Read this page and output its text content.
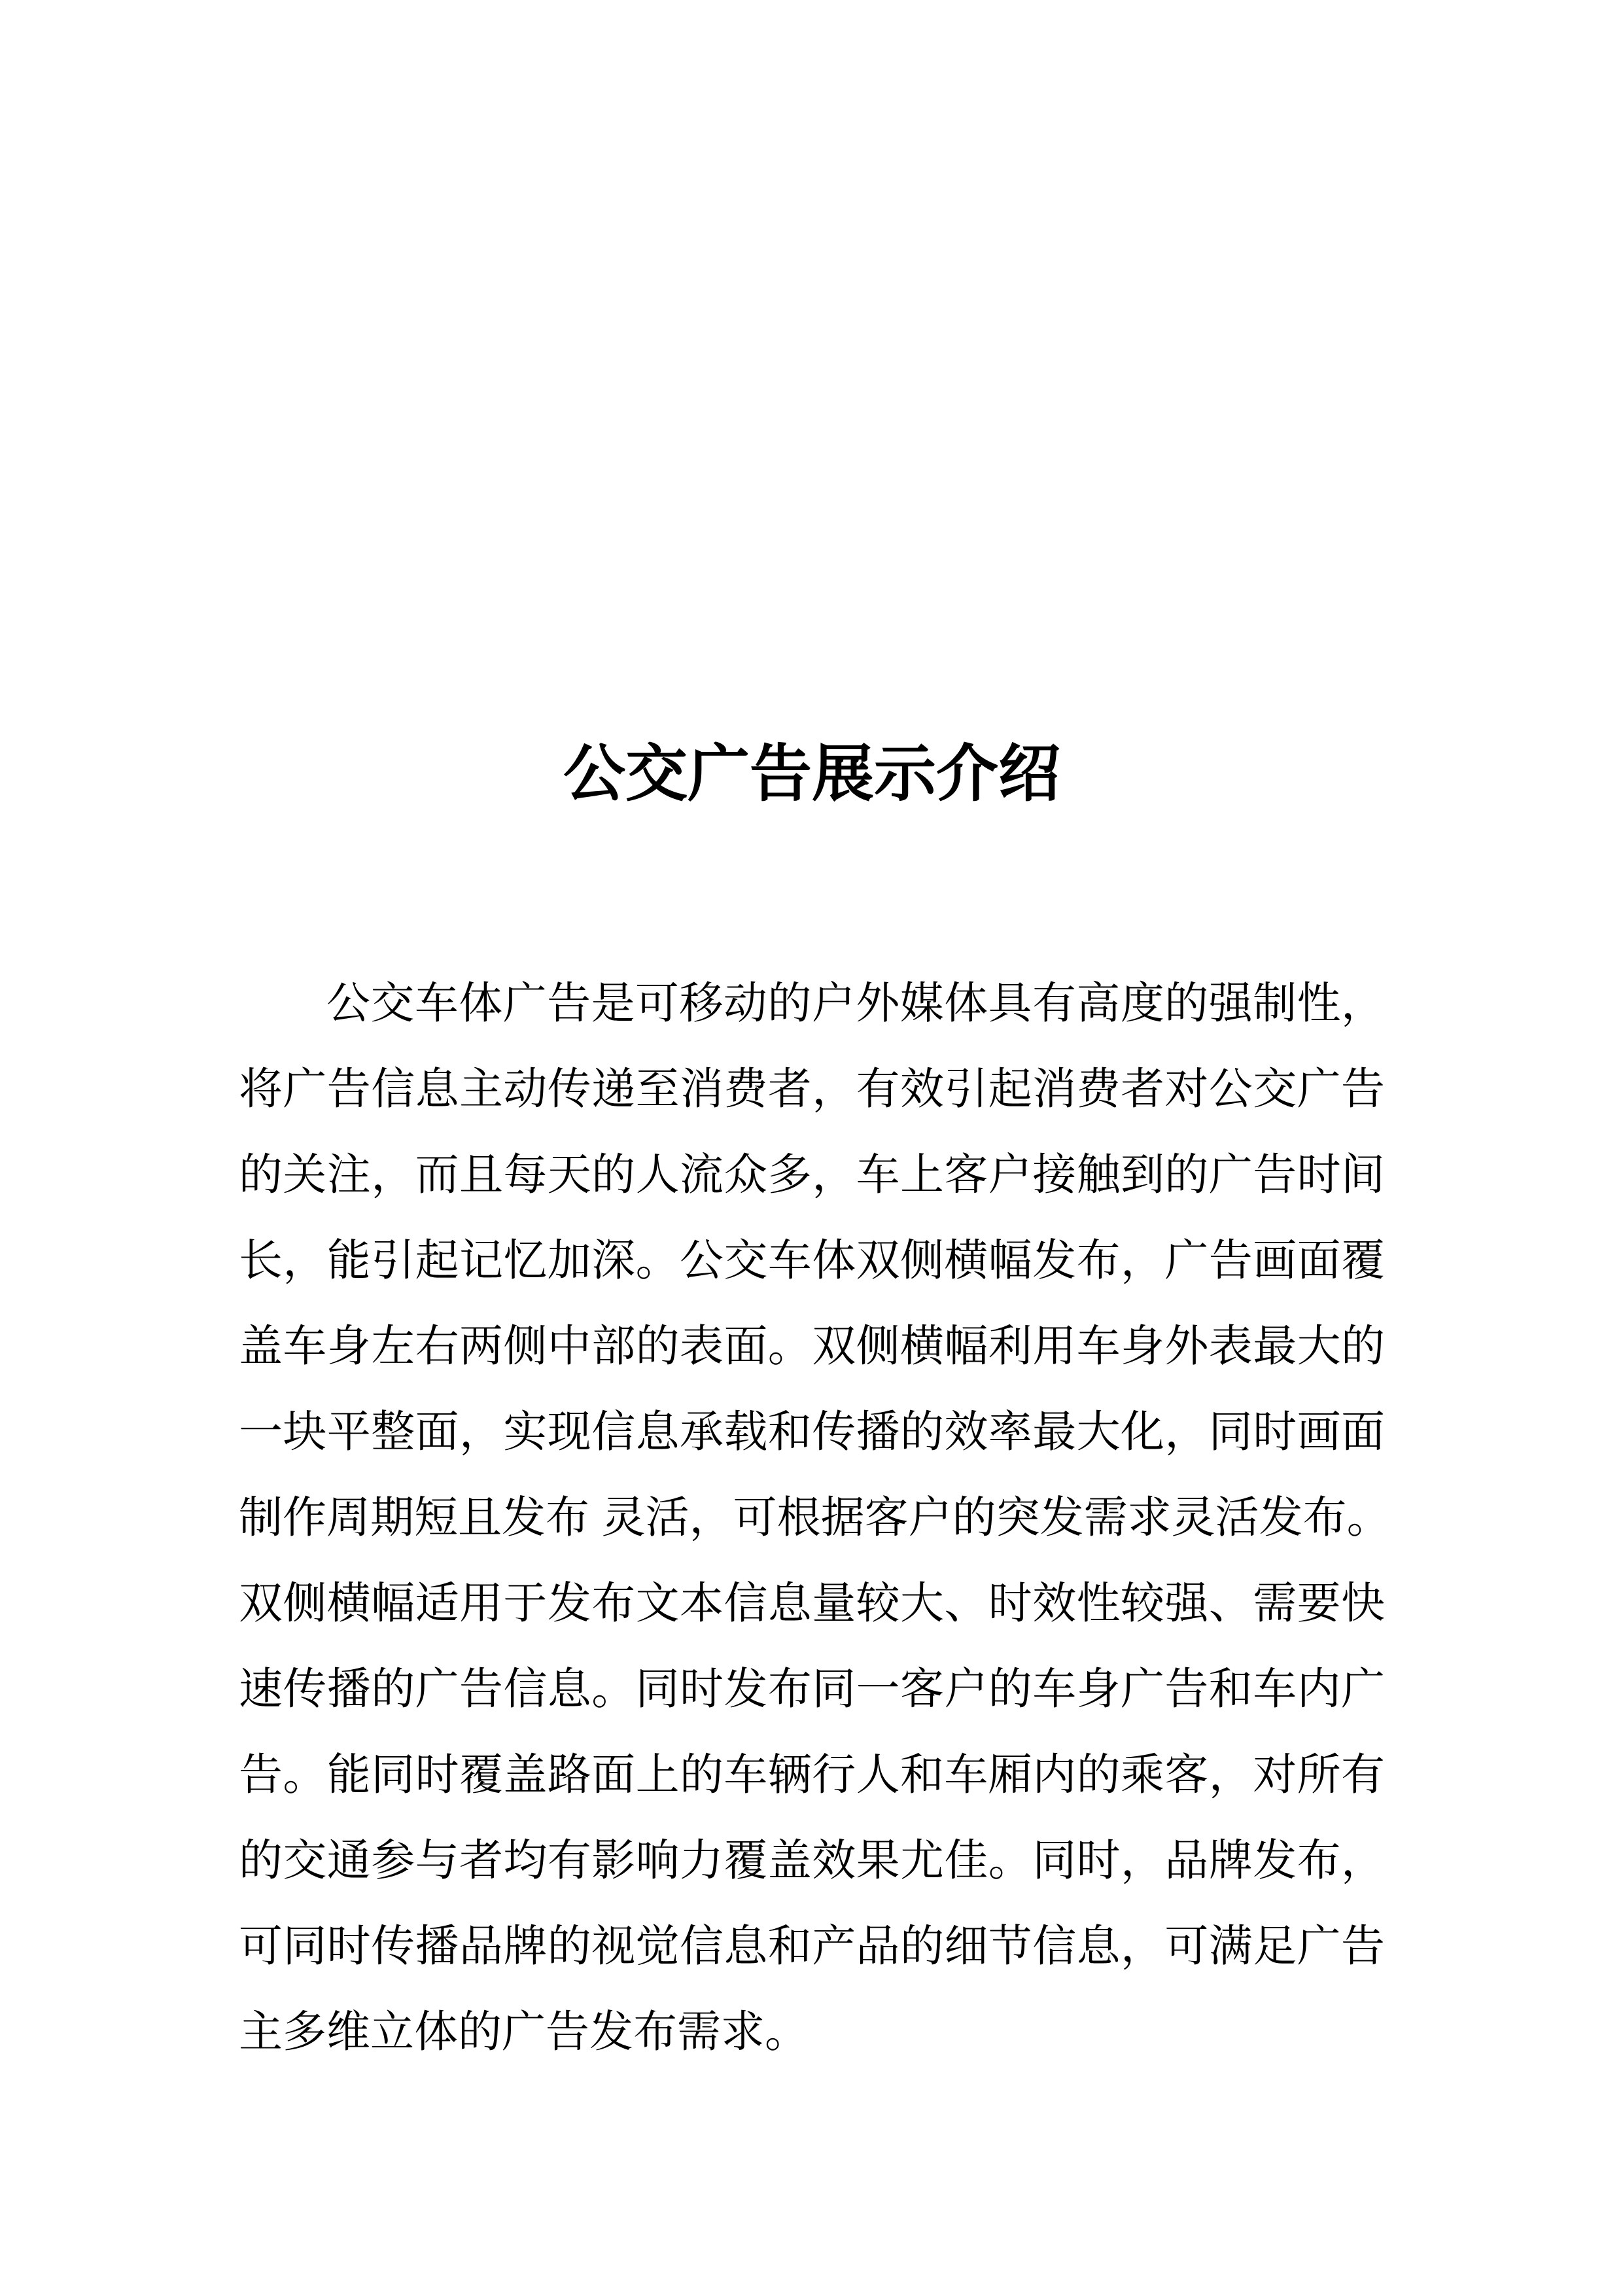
公交广告展示介绍
公交车体广告是可移动的户外媒体具有高度的强制性，
将广告信息主动传递至消费者，有效引起消费者对公交广告
的关注，而且每天的人流众多，车上客户接触到的广告时间
长，能引起记忆加深。公交车体双侧横幅发布，广告画面覆
盖车身左右两侧中部的表面。双侧横幅利用车身外表最大的
一块平整面，实现信息承载和传播的效率最大化，同时画面
制作周期短且发布 灵活，可根据客户的突发需求灵活发布。
双侧横幅适用于发布文本信息量较大、时效性较强、需要快
速传播的广告信息。同时发布同一客户的车身广告和车内广
告。能同时覆盖路面上的车辆行人和车厢内的乘客，对所有
的交通参与者均有影响力覆盖效果尤佳。同时，品牌发布，
可同时传播品牌的视觉信息和产品的细节信息，可满足广告
主多维立体的广告发布需求。
